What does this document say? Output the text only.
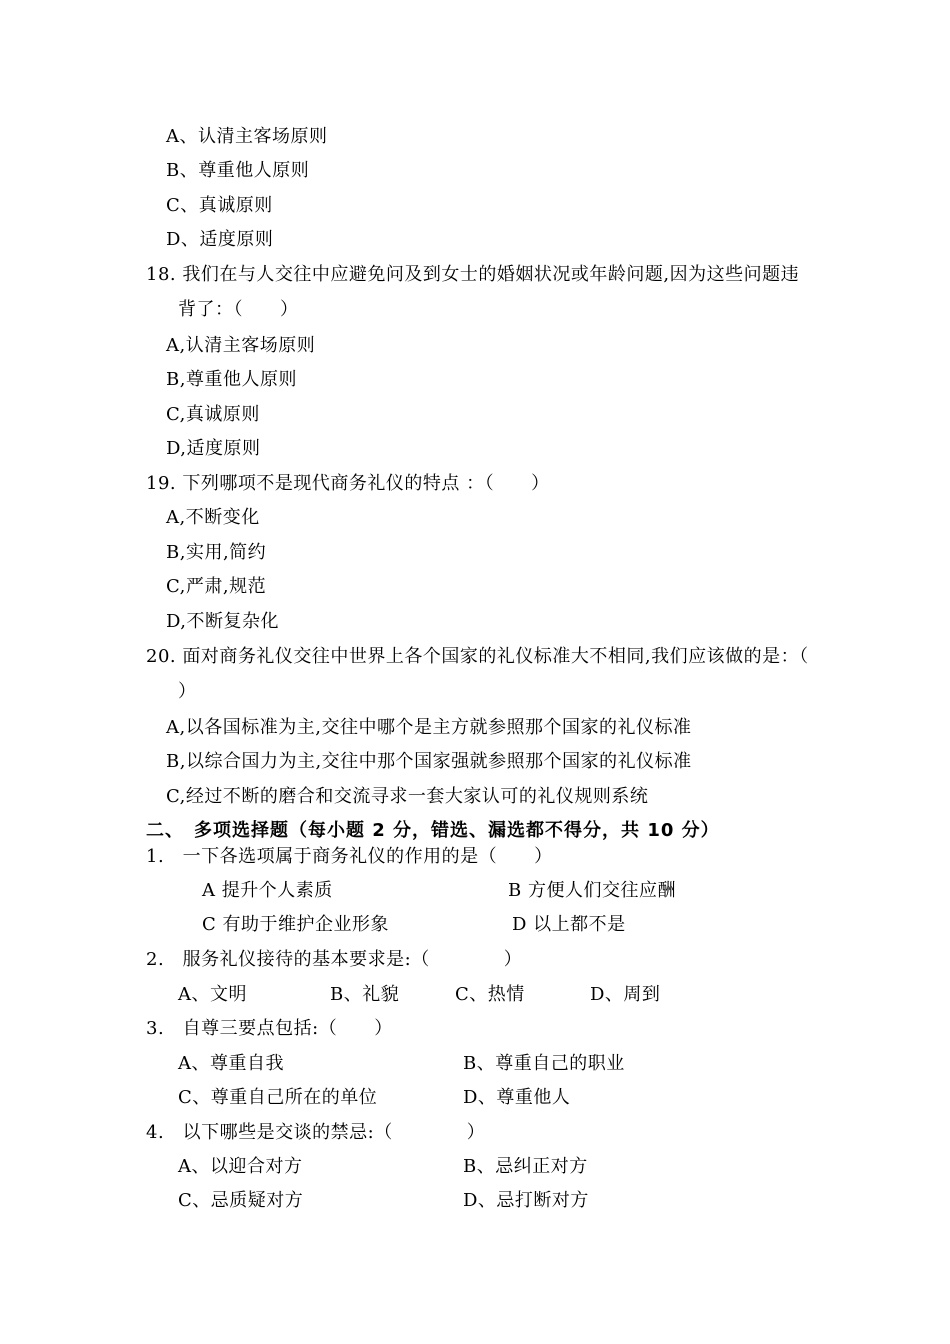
A、认清主客场原则
B、尊重他人原则
C、真诚原则
D、适度原则
18. 我们在与人交往中应避免问及到女士的婚姻状况或年龄问题,因为这些问题违
背了：（　　）
A,认清主客场原则
B,尊重他人原则
C,真诚原则
D,适度原则
19. 下列哪项不是现代商务礼仪的特点 ：（　　）
A,不断变化
B,实用,简约
C,严肃,规范
D,不断复杂化
20. 面对商务礼仪交往中世界上各个国家的礼仪标准大不相同,我们应该做的是：（
）
A,以各国标准为主,交往中哪个是主方就参照那个国家的礼仪标准
B,以综合国力为主,交往中那个国家强就参照那个国家的礼仪标准
C,经过不断的磨合和交流寻求一套大家认可的礼仪规则系统
二、　多项选择题（每小题 2 分，错选、漏选都不得分，共 10 分）
1.　一下各选项属于商务礼仪的作用的是（　　）
A 提升个人素质	B 方便人们交往应酬
C 有助于维护企业形象	D 以上都不是
2.　服务礼仪接待的基本要求是:（　　　　）
A、文明	B、礼貌	C、热情	D、周到
3.　自尊三要点包括:（　　）
A、尊重自我	B、尊重自己的职业
C、尊重自己所在的单位	D、尊重他人
4.　以下哪些是交谈的禁忌:（　　　　）
A、以迎合对方	B、忌纠正对方
C、忌质疑对方	D、忌打断对方
